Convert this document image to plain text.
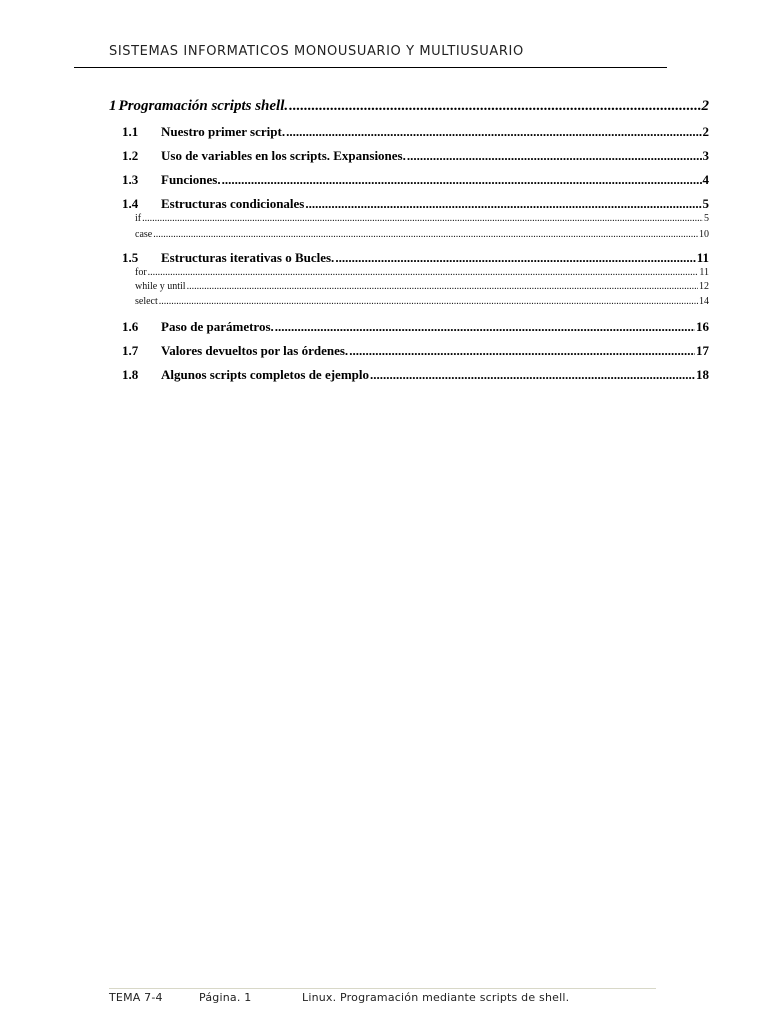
SISTEMAS INFORMATICOS MONOUSUARIO Y MULTIUSUARIO
1 Programación scripts shell. .....	2
1.1	Nuestro primer script. .....	2
1.2	Uso de variables en los scripts. Expansiones. .....	3
1.3	Funciones. .....	4
1.4	Estructuras condicionales .....	5
if .....	5
case .....	10
1.5	Estructuras iterativas o Bucles. .....	11
for .....	11
while y until .....	12
select .....	14
1.6	Paso de parámetros. .....	16
1.7	Valores devueltos por las órdenes. .....	17
1.8	Algunos scripts completos de ejemplo .....	18
TEMA 7-4	Página. 1	Linux. Programación mediante scripts de shell.
